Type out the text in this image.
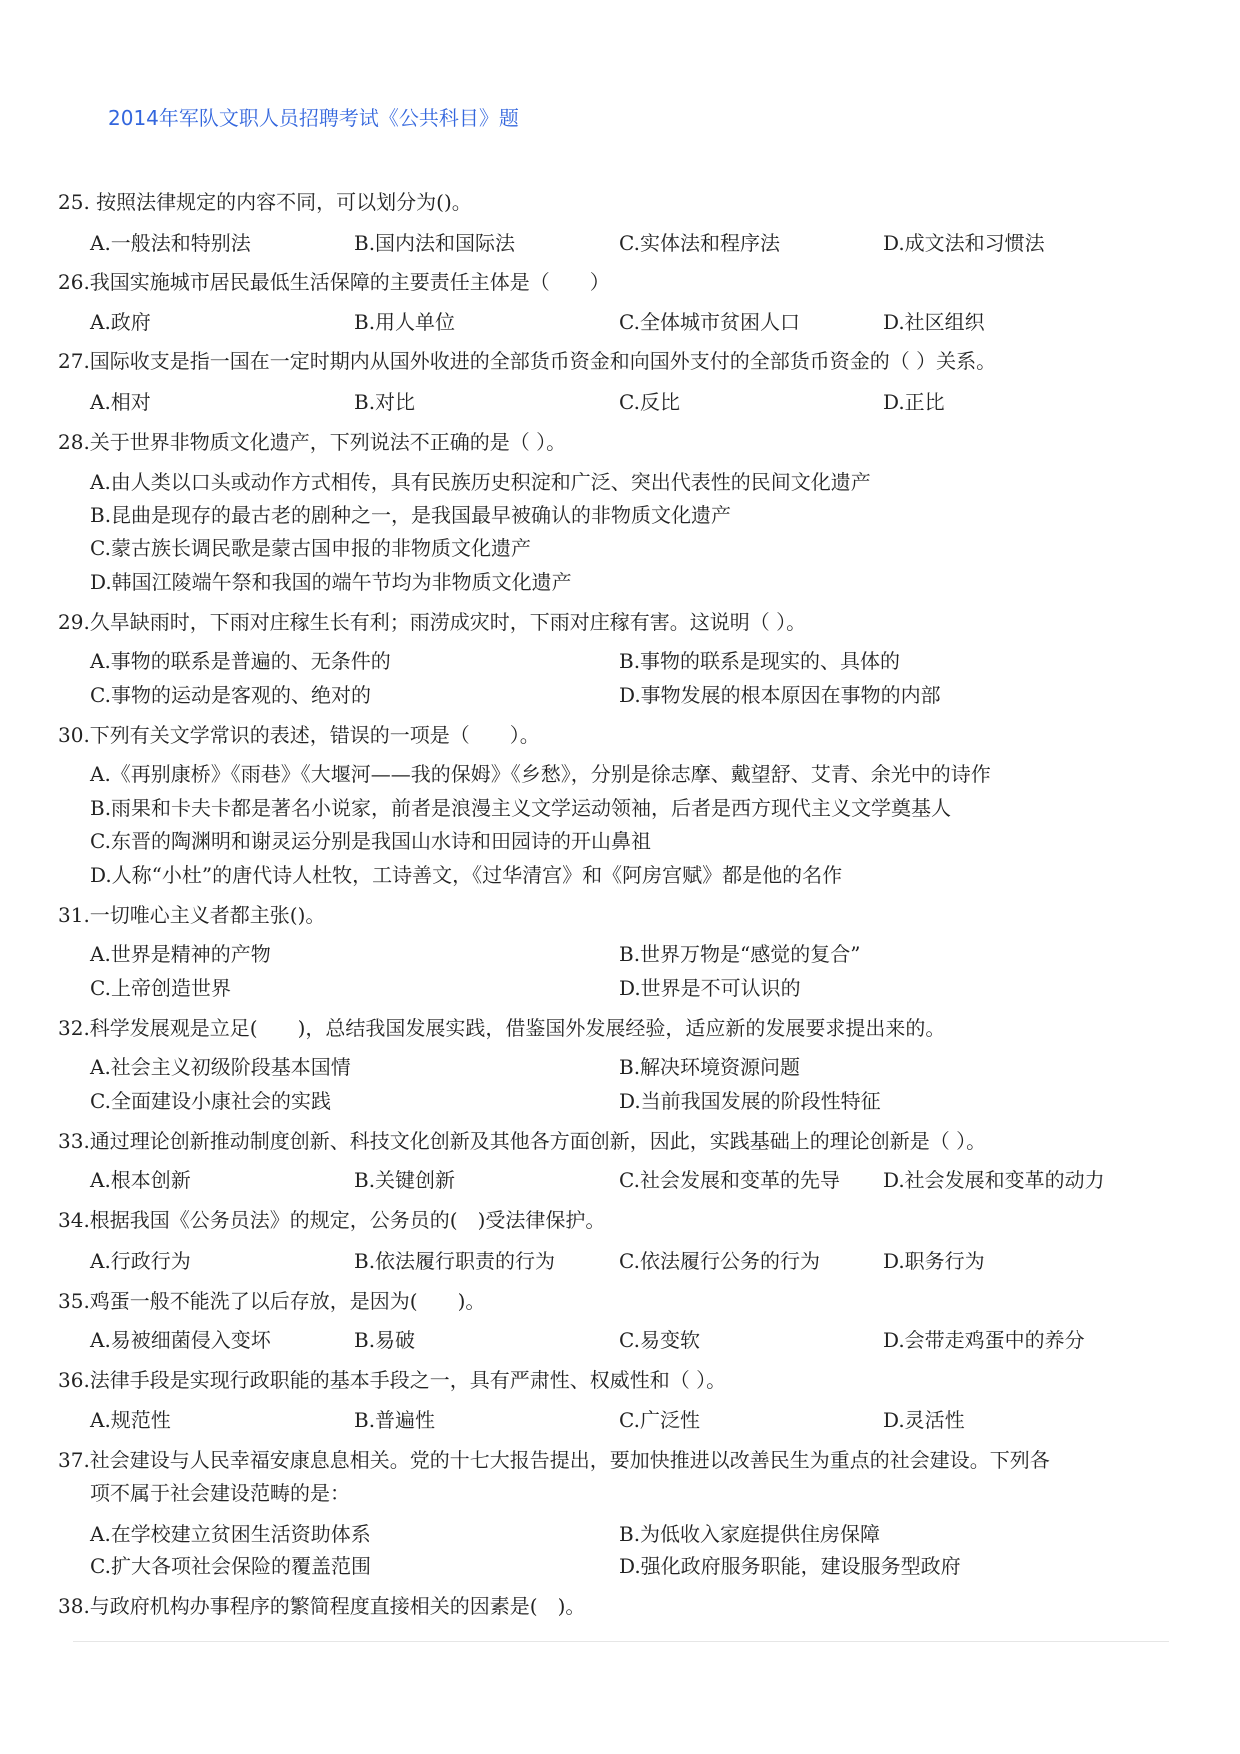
2014年军队文职人员招聘考试《公共科目》题
25. 按照法律规定的内容不同，可以划分为()。
A.一般法和特别法	B.国内法和国际法	C.实体法和程序法	D.成文法和习惯法
26.我国实施城市居民最低生活保障的主要责任主体是（　　）
A.政府	B.用人单位	C.全体城市贫困人口	D.社区组织
27.国际收支是指一国在一定时期内从国外收进的全部货币资金和向国外支付的全部货币资金的（ ）关系。
A.相对	B.对比	C.反比	D.正比
28.关于世界非物质文化遗产，下列说法不正确的是（ ）。
A.由人类以口头或动作方式相传，具有民族历史积淀和广泛、突出代表性的民间文化遗产
B.昆曲是现存的最古老的剧种之一，是我国最早被确认的非物质文化遗产
C.蒙古族长调民歌是蒙古国申报的非物质文化遗产
D.韩国江陵端午祭和我国的端午节均为非物质文化遗产
29.久旱缺雨时，下雨对庄稼生长有利；雨涝成灾时，下雨对庄稼有害。这说明（ ）。
A.事物的联系是普遍的、无条件的	B.事物的联系是现实的、具体的
C.事物的运动是客观的、绝对的	D.事物发展的根本原因在事物的内部
30.下列有关文学常识的表述，错误的一项是（　　）。
A.《再别康桥》《雨巷》《大堰河——我的保姆》《乡愁》，分别是徐志摩、戴望舒、艾青、余光中的诗作
B.雨果和卡夫卡都是著名小说家，前者是浪漫主义文学运动领袖，后者是西方现代主义文学奠基人
C.东晋的陶渊明和谢灵运分别是我国山水诗和田园诗的开山鼻祖
D.人称“小杜”的唐代诗人杜牧，工诗善文，《过华清宫》和《阿房宫赋》都是他的名作
31.一切唯心主义者都主张()。
A.世界是精神的产物	B.世界万物是“感觉的复合”
C.上帝创造世界	D.世界是不可认识的
32.科学发展观是立足(　　)，总结我国发展实践，借鉴国外发展经验，适应新的发展要求提出来的。
A.社会主义初级阶段基本国情	B.解决环境资源问题
C.全面建设小康社会的实践	D.当前我国发展的阶段性特征
33.通过理论创新推动制度创新、科技文化创新及其他各方面创新，因此，实践基础上的理论创新是（ ）。
A.根本创新	B.关键创新	C.社会发展和变革的先导 D.社会发展和变革的动力
34.根据我国《公务员法》的规定，公务员的(　)受法律保护。
A.行政行为	B.依法履行职责的行为	C.依法履行公务的行为	D.职务行为
35.鸡蛋一般不能洗了以后存放，是因为(　　)。
A.易被细菌侵入变坏	B.易破	C.易变软	D.会带走鸡蛋中的养分
36.法律手段是实现行政职能的基本手段之一，具有严肃性、权威性和（ ）。
A.规范性	B.普遍性	C.广泛性	D.灵活性
37.社会建设与人民幸福安康息息相关。党的十七大报告提出，要加快推进以改善民生为重点的社会建设。下列各
项不属于社会建设范畴的是：
A.在学校建立贫困生活资助体系	B.为低收入家庭提供住房保障
C.扩大各项社会保险的覆盖范围	D.强化政府服务职能，建设服务型政府
38.与政府机构办事程序的繁简程度直接相关的因素是(　)。
